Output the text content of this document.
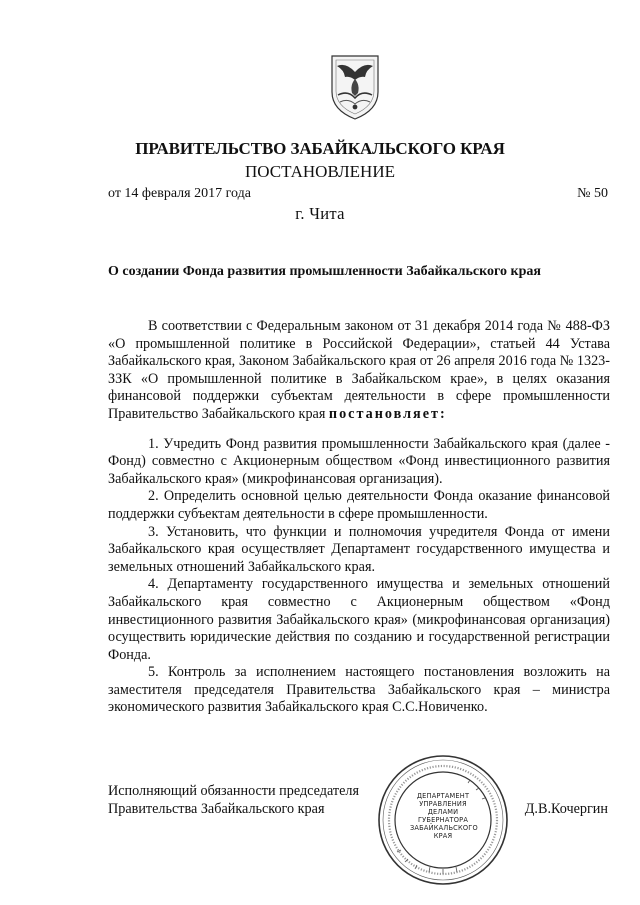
ПРАВИТЕЛЬСТВО ЗАБАЙКАЛЬСКОГО КРАЯ
ПОСТАНОВЛЕНИЕ
от 14 февраля 2017 года	№ 50
г. Чита
О создании Фонда развития промышленности Забайкальского края

В соответствии с Федеральным законом от 31 декабря 2014 года № 488-ФЗ «О промышленной политике в Российской Федерации», статьей 44 Устава Забайкальского края, Законом Забайкальского края от 26 апреля 2016 года № 1323-ЗЗК «О промышленной политике в Забайкальском крае», в целях оказания финансовой поддержки субъектам деятельности в сфере промышленности Правительство Забайкальского края постановляет:

1. Учредить Фонд развития промышленности Забайкальского края (далее - Фонд) совместно с Акционерным обществом «Фонд инвестиционного развития Забайкальского края» (микрофинансовая организация).

2. Определить основной целью деятельности Фонда оказание финансовой поддержки субъектам деятельности в сфере промышленности.

3. Установить, что функции и полномочия учредителя Фонда от имени Забайкальского края осуществляет Департамент государственного имущества и земельных отношений Забайкальского края.

4. Департаменту государственного имущества и земельных отношений Забайкальского края совместно с Акционерным обществом «Фонд инвестиционного развития Забайкальского края» (микрофинансовая организация) осуществить юридические действия по созданию и государственной регистрации Фонда.

5. Контроль за исполнением настоящего постановления возложить на заместителя председателя Правительства Забайкальского края – министра экономического развития Забайкальского края С.С.Новиченко.

Исполняющий обязанности председателя
Правительства Забайкальского края	Д.В.Кочергин
ДЕПАРТАМЕНТ
УПРАВЛЕНИЯ
ДЕЛАМИ
ГУБЕРНАТОРА
ЗАБАЙКАЛЬСКОГО
КРАЯ
